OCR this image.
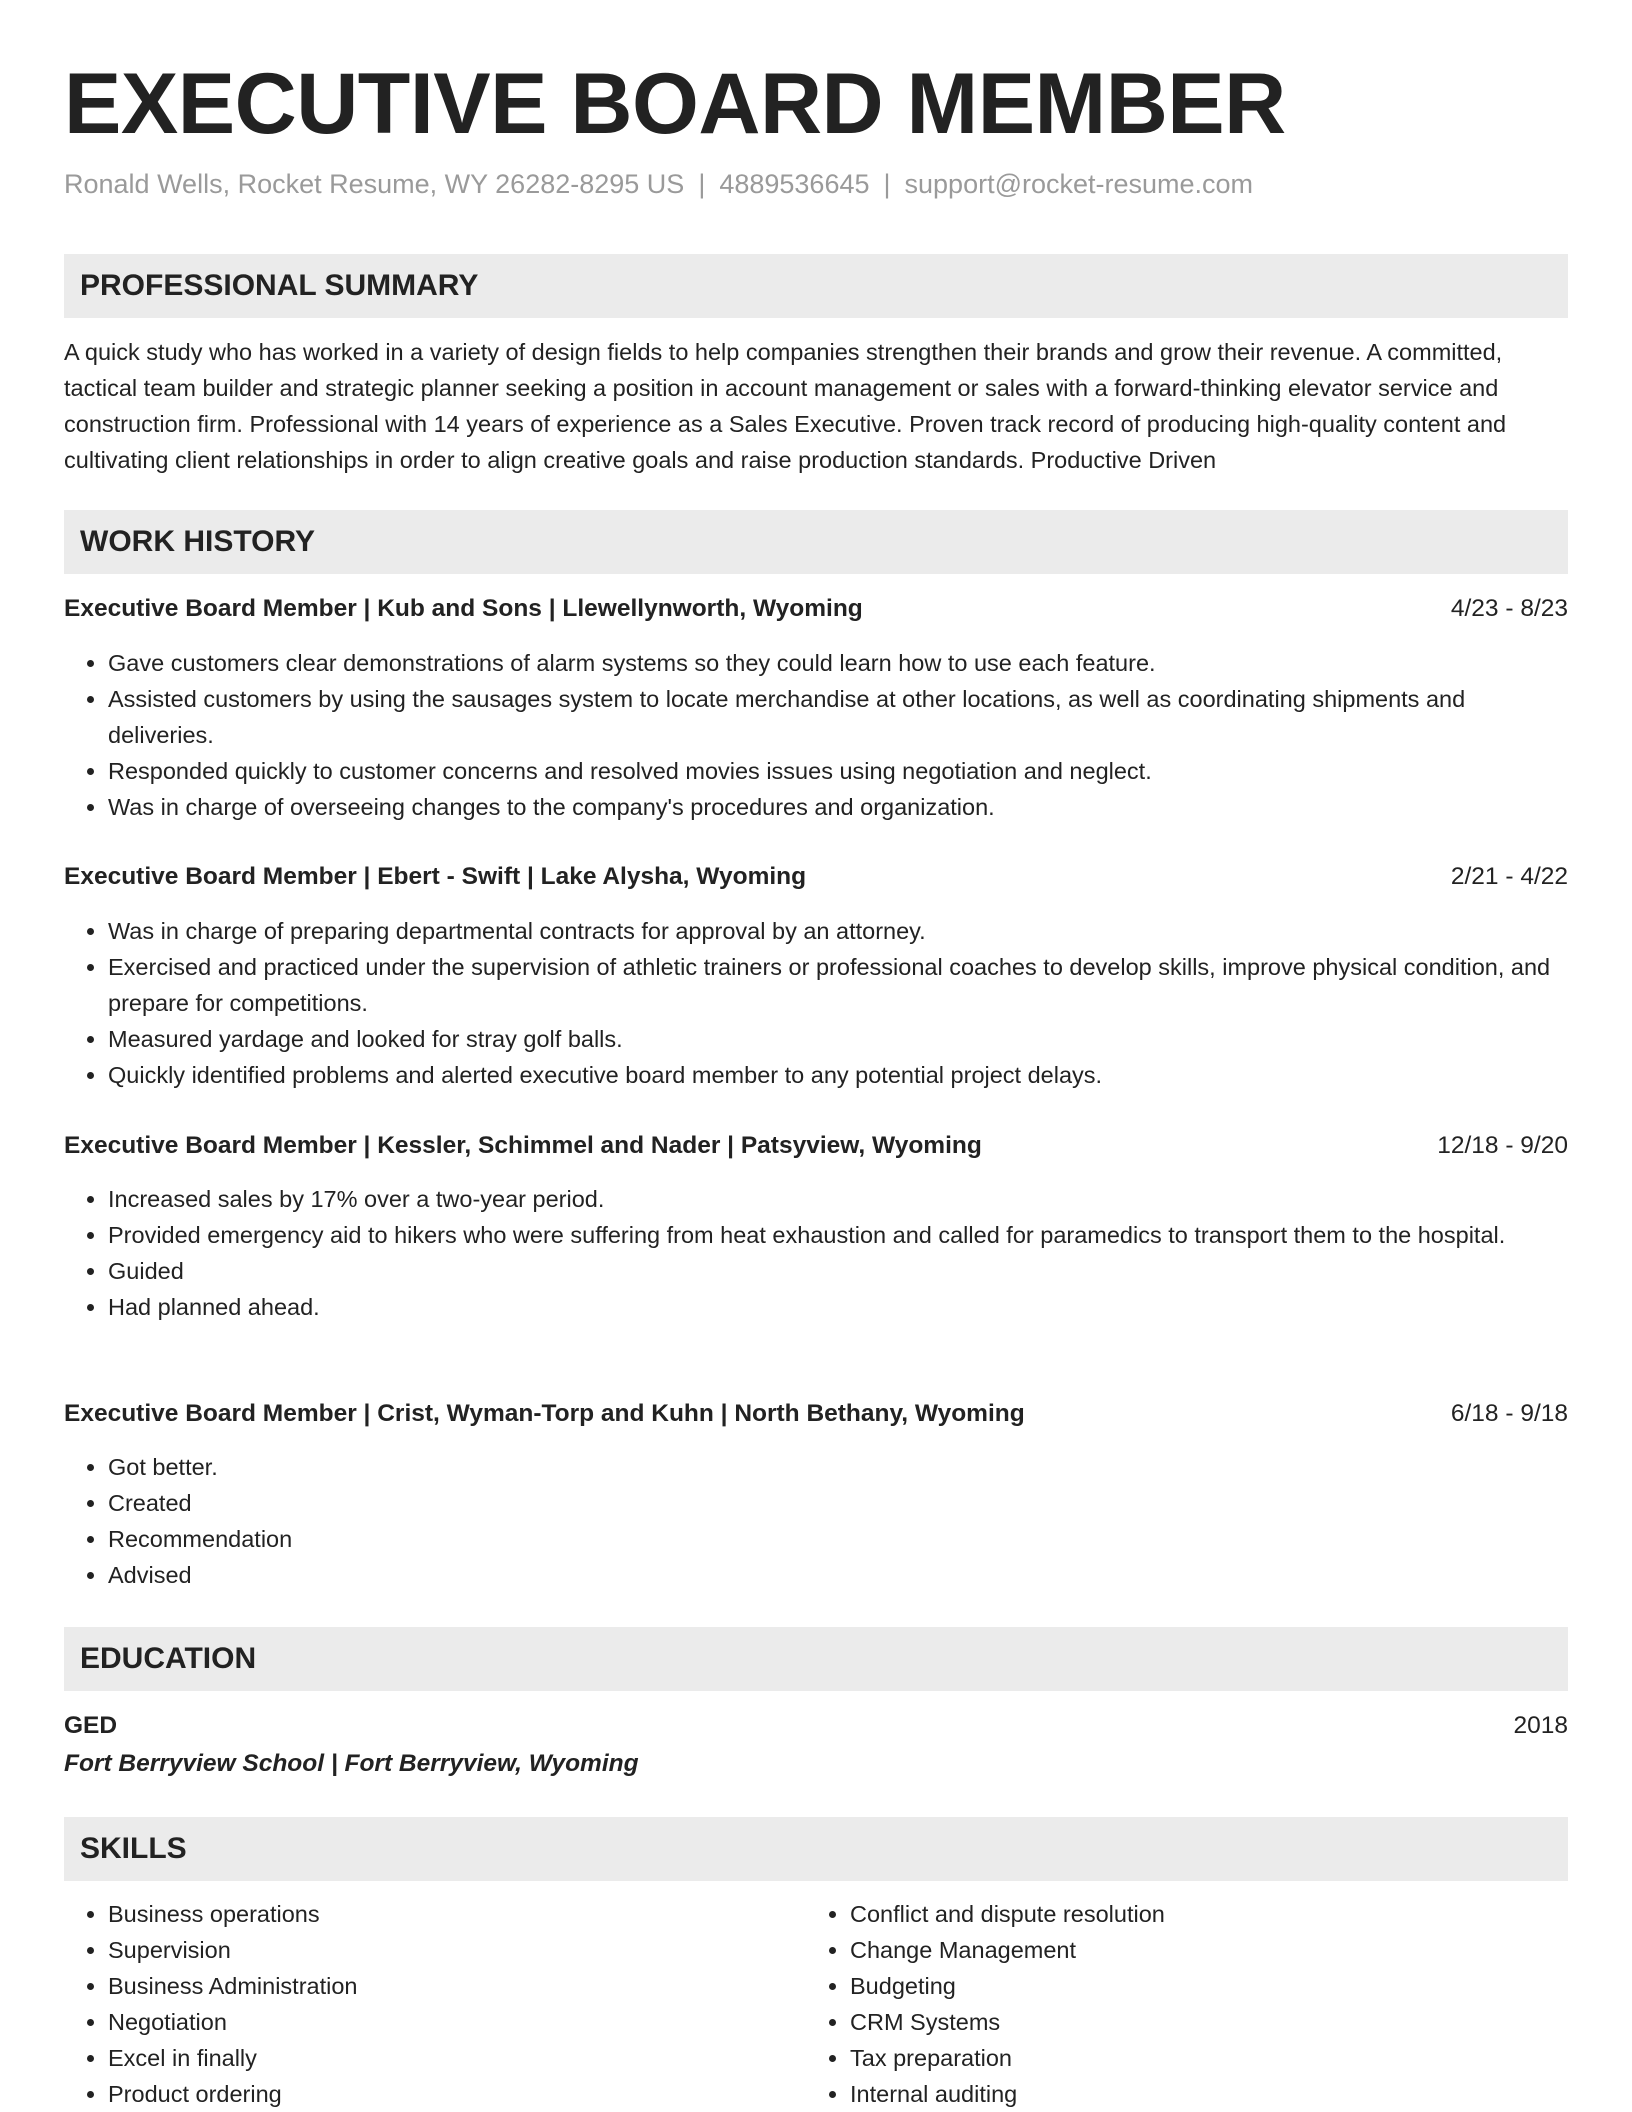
EXECUTIVE BOARD MEMBER
Ronald Wells, Rocket Resume, WY 26282-8295 US | 4889536645 | support@rocket-resume.com
PROFESSIONAL SUMMARY

A quick study who has worked in a variety of design fields to help companies strengthen their brands and grow their revenue. A committed, tactical team builder and strategic planner seeking a position in account management or sales with a forward-thinking elevator service and construction firm. Professional with 14 years of experience as a Sales Executive. Proven track record of producing high-quality content and cultivating client relationships in order to align creative goals and raise production standards. Productive Driven

WORK HISTORY
Executive Board Member | Kub and Sons | Llewellynworth, Wyoming	4/23 - 8/23
• Gave customers clear demonstrations of alarm systems so they could learn how to use each feature.
• Assisted customers by using the sausages system to locate merchandise at other locations, as well as coordinating shipments and deliveries.
• Responded quickly to customer concerns and resolved movies issues using negotiation and neglect.
• Was in charge of overseeing changes to the company's procedures and organization.
Executive Board Member | Ebert - Swift | Lake Alysha, Wyoming	2/21 - 4/22
• Was in charge of preparing departmental contracts for approval by an attorney.
• Exercised and practiced under the supervision of athletic trainers or professional coaches to develop skills, improve physical condition, and prepare for competitions.
• Measured yardage and looked for stray golf balls.
• Quickly identified problems and alerted executive board member to any potential project delays.
Executive Board Member | Kessler, Schimmel and Nader | Patsyview, Wyoming	12/18 - 9/20
• Increased sales by 17% over a two-year period.
• Provided emergency aid to hikers who were suffering from heat exhaustion and called for paramedics to transport them to the hospital.
• Guided
• Had planned ahead.
Executive Board Member | Crist, Wyman-Torp and Kuhn | North Bethany, Wyoming	6/18 - 9/18
• Got better.
• Created
• Recommendation
• Advised
EDUCATION
GED	2018
Fort Berryview School | Fort Berryview, Wyoming
SKILLS
• Business operations
• Supervision
• Business Administration
• Negotiation
• Excel in finally
• Product ordering
• Conflict and dispute resolution
• Change Management
• Budgeting
• CRM Systems
• Tax preparation
• Internal auditing
